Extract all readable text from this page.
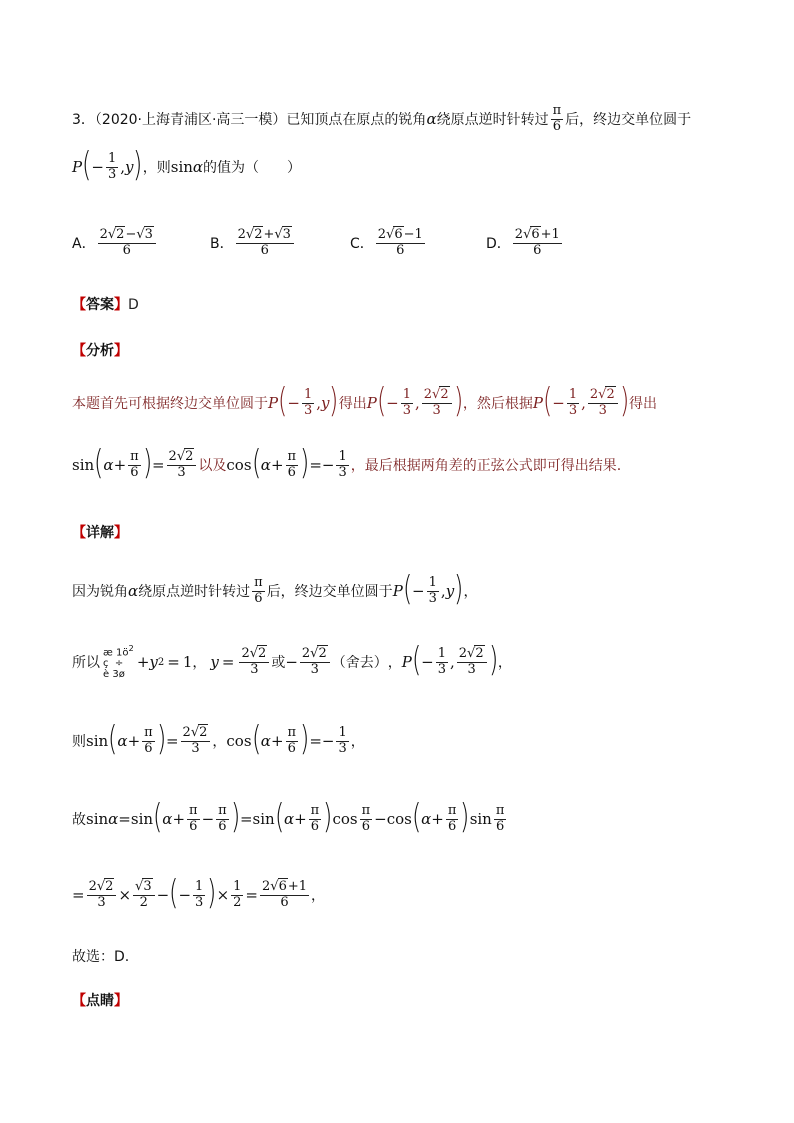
3．（2020·上海青浦区·高三一模）已知顶点在原点的锐角 α 绕原点逆时针转过 $\frac{\pi}{6}$ 后，终边交单位圆于
P ( − $\frac{1}{3}$ , y ) ，则 sin α 的值为（　　）
A． $\frac{2√2-√3}{6}$	B． $\frac{2√2+√3}{6}$	C． $\frac{2√6-1}{6}$	D． $\frac{2√6+1}{6}$
【答案】D
【分析】
本题首先可根据终边交单位圆于 P ( − $\frac{1}{3}$ , y ) 得出 P ( − $\frac{1}{3}$ , $\frac{2√2}{3}$ ) ，然后根据 P ( − $\frac{1}{3}$ , $\frac{2√2}{3}$ ) 得出
sin ( $\alpha + \frac{\pi}{6}$ ) = $\frac{2√2}{3}$ 以及 cos ( $\alpha + \frac{\pi}{6}$ ) = − $\frac{1}{3}$ ，最后根据两角差的正弦公式即可得出结果.
【详解】
因为锐角 α 绕原点逆时针转过 $\frac{\pi}{6}$ 后，终边交单位圆于 P ( − $\frac{1}{3}$ , y ) ，
所以
æ $1ö^2$
ç ÷
è 3ø
+ y 2 = 1 ， $y = \frac{2√2}{3}$ 或 − $\frac{2√2}{3}$ （舍去） ， P ( − $\frac{1}{3}$ , $\frac{2√2}{3}$ ) ，
则 sin ( $\alpha + \frac{\pi}{6}$ ) = $\frac{2√2}{3}$ ， cos ( $\alpha + \frac{\pi}{6}$ ) = − $\frac{1}{3}$ ，
故 sin α = sin ( $\alpha + \frac{\pi}{6} - \frac{\pi}{6}$ ) = sin ( $\alpha + \frac{\pi}{6}$ ) $\cos \frac{\pi}{6} - \cos$ ( $\alpha + \frac{\pi}{6}$ ) $\sin \frac{\pi}{6}$
= $\frac{2√2}{3} \times \frac{√3}{2}$ − ( − $\frac{1}{3}$ ) × $\frac{1}{2} = \frac{2√6+1}{6}$ ，
故选：D.
【点睛】
